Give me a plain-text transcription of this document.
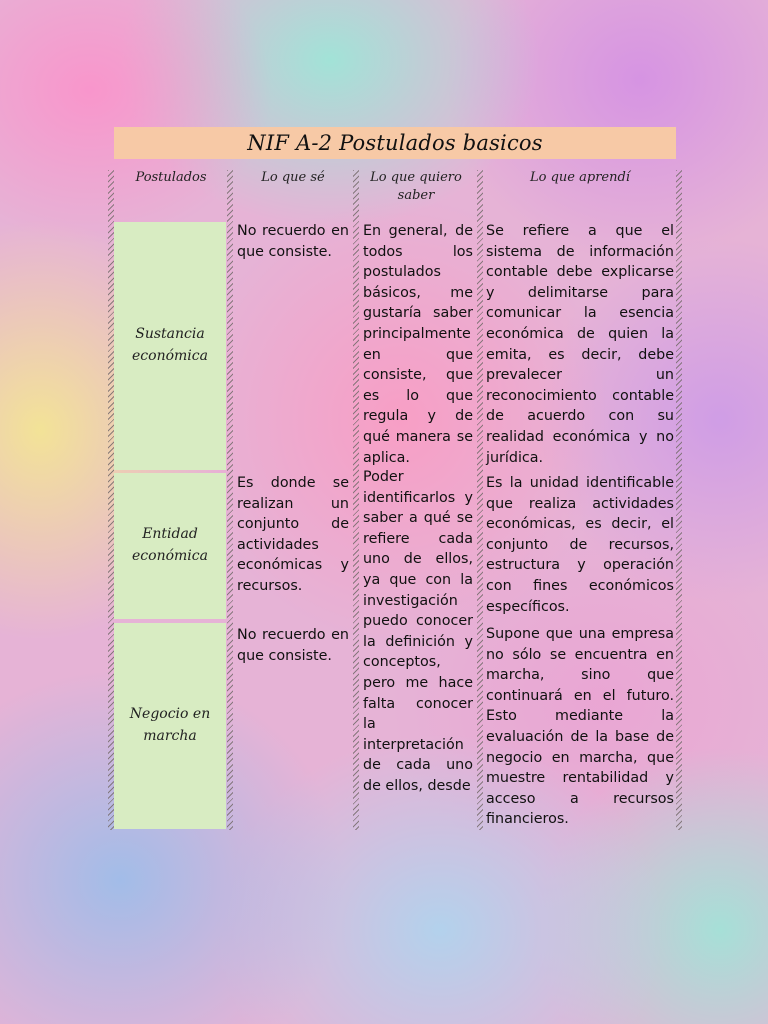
NIF A-2 Postulados basicos
Postulados	Lo que sé	Lo que quiero saber
Lo que aprendí
Sustancia económica
Entidad económica
Negocio en marcha
No recuerdo en que consiste.
Es donde se realizan un conjunto de actividades económicas y recursos.
No recuerdo en que consiste.
En general, de todos los postulados básicos, me gustaría saber principalmente en que consiste, que es lo que regula y de qué manera se aplica.
Poder identificarlos y saber a qué se refiere cada uno de ellos, ya que con la investigación puedo conocer la definición y conceptos, pero me hace falta conocer la interpretación de cada uno de ellos, desde
Se refiere a que el sistema de información contable debe explicarse y delimitarse para comunicar la esencia económica de quien la emita, es decir, debe prevalecer un reconocimiento contable de acuerdo con su realidad económica y no jurídica.
Es la unidad identificable que realiza actividades económicas, es decir, el conjunto de recursos, estructura y operación con fines económicos específicos.
Supone que una empresa no sólo se encuentra en marcha, sino que continuará en el futuro. Esto mediante la evaluación de la base de negocio en marcha, que muestre rentabilidad y acceso a recursos financieros.
